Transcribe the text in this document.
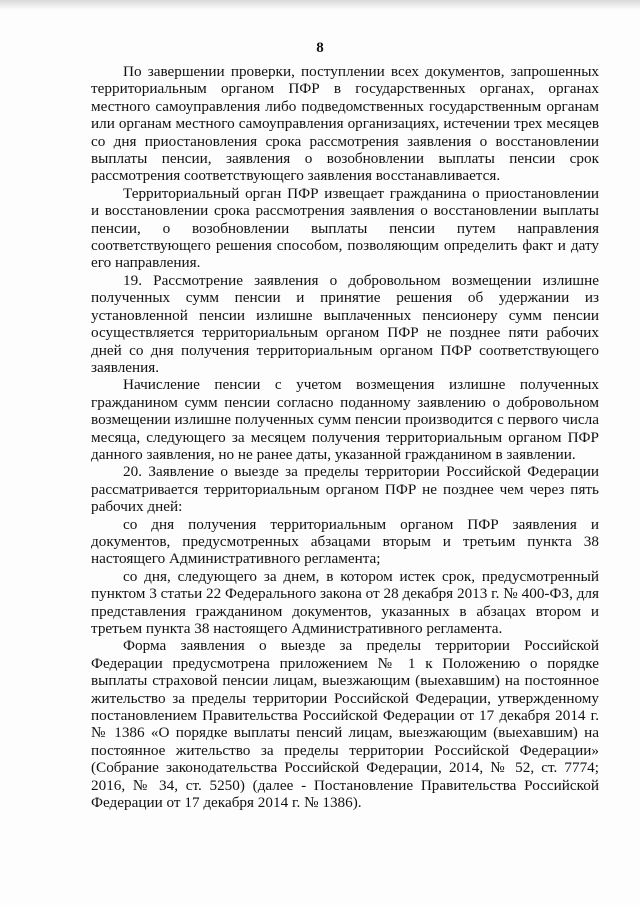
8

По завершении проверки, поступлении всех документов, запрошенных территориальным органом ПФР в государственных органах, органах местного самоуправления либо подведомственных государственным органам или органам местного самоуправления организациях, истечении трех месяцев со дня приостановления срока рассмотрения заявления о восстановлении выплаты пенсии, заявления о возобновлении выплаты пенсии срок рассмотрения соответствующего заявления восстанавливается.

Территориальный орган ПФР извещает гражданина о приостановлении и восстановлении срока рассмотрения заявления о восстановлении выплаты пенсии, о возобновлении выплаты пенсии путем направления соответствующего решения способом, позволяющим определить факт и дату его направления.

19. Рассмотрение заявления о добровольном возмещении излишне полученных сумм пенсии и принятие решения об удержании из установленной пенсии излишне выплаченных пенсионеру сумм пенсии осуществляется территориальным органом ПФР не позднее пяти рабочих дней со дня получения территориальным органом ПФР соответствующего заявления.

Начисление пенсии с учетом возмещения излишне полученных гражданином сумм пенсии согласно поданному заявлению о добровольном возмещении излишне полученных сумм пенсии производится с первого числа месяца, следующего за месяцем получения территориальным органом ПФР данного заявления, но не ранее даты, указанной гражданином в заявлении.

20. Заявление о выезде за пределы территории Российской Федерации рассматривается территориальным органом ПФР не позднее чем через пять рабочих дней:

со дня получения территориальным органом ПФР заявления и документов, предусмотренных абзацами вторым и третьим пункта 38 настоящего Административного регламента;

со дня, следующего за днем, в котором истек срок, предусмотренный пунктом 3 статьи 22 Федерального закона от 28 декабря 2013 г. № 400-ФЗ, для представления гражданином документов, указанных в абзацах втором и третьем пункта 38 настоящего Административного регламента.

Форма заявления о выезде за пределы территории Российской Федерации предусмотрена приложением № 1 к Положению о порядке выплаты страховой пенсии лицам, выезжающим (выехавшим) на постоянное жительство за пределы территории Российской Федерации, утвержденному постановлением Правительства Российской Федерации от 17 декабря 2014 г. № 1386 «О порядке выплаты пенсий лицам, выезжающим (выехавшим) на постоянное жительство за пределы территории Российской Федерации» (Собрание законодательства Российской Федерации, 2014, № 52, ст. 7774; 2016, № 34, ст. 5250) (далее - Постановление Правительства Российской Федерации от 17 декабря 2014 г. № 1386).
